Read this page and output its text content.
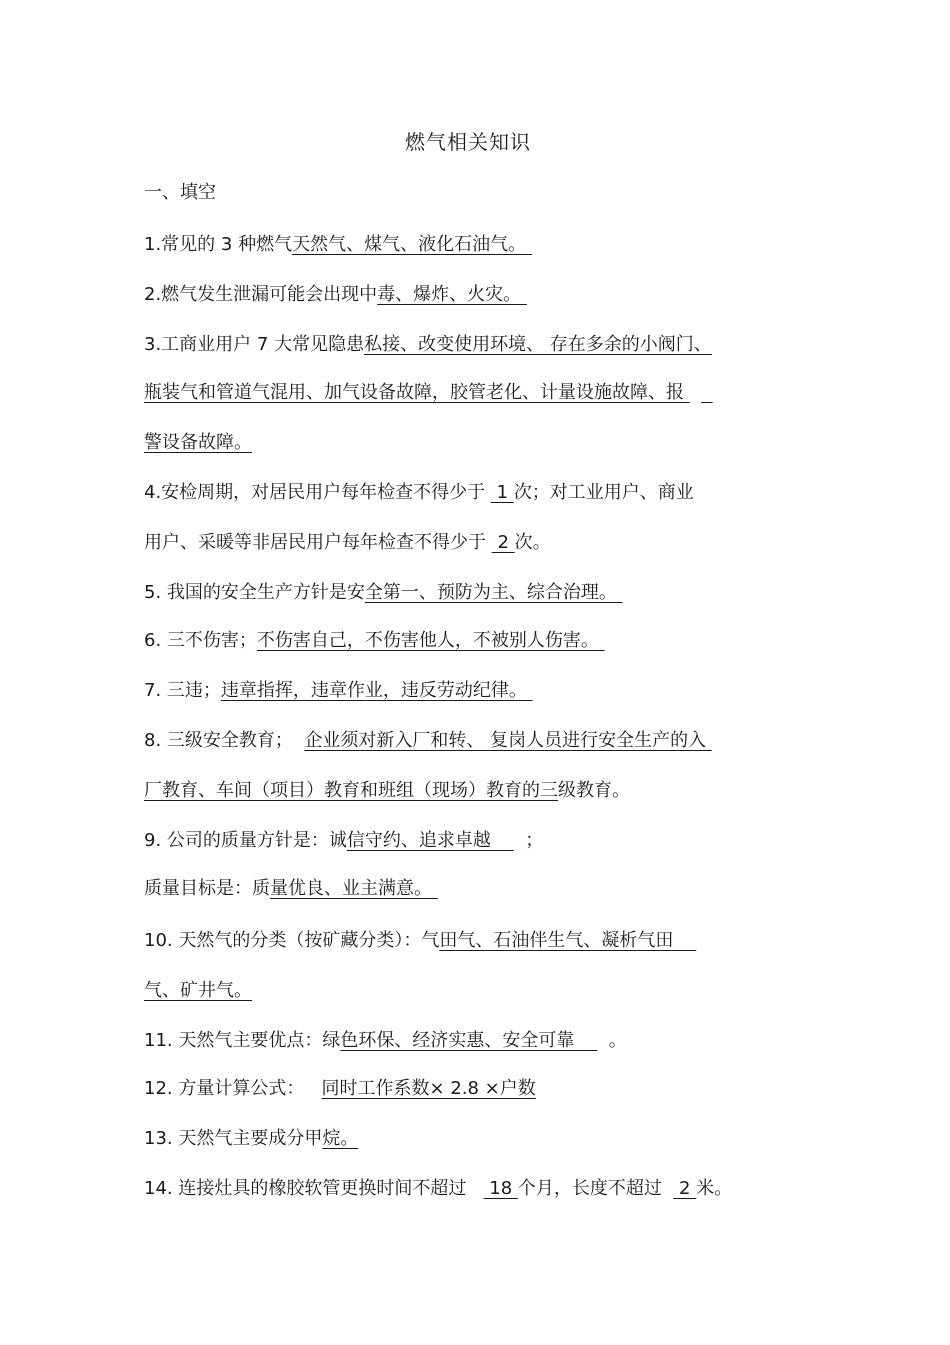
燃气相关知识
一、填空
1.常见的 3 种燃气天然气、煤气、液化石油气。
2.燃气发生泄漏可能会出现中毒、爆炸、火灾。
3.工商业用户 7 大常见隐患私接、改变使用环境、 存在多余的小阀门、
瓶装气和管道气混用、加气设备故障，胶管老化、计量设施故障、报
警设备故障。
4.安检周期，对居民用户每年检查不得少于  1 次；对工业用户、商业
用户、采暖等非居民用户每年检查不得少于  2 次。
5. 我国的安全生产方针是安全第一、预防为主、综合治理。
6. 三不伤害；不伤害自己，不伤害他人，不被别人伤害。
7. 三违；违章指挥，违章作业，违反劳动纪律。
8. 三级安全教育；  企业须对新入厂和转、 复岗人员进行安全生产的入
厂教育、车间（项目）教育和班组（现场）教育的三级教育。
9. 公司的质量方针是：诚信守约、追求卓越      ；
质量目标是：质量优良、业主满意。
10. 天然气的分类（按矿藏分类）：气田气、石油伴生气、凝析气田
气、矿井气。
11. 天然气主要优点：绿色环保、经济实惠、安全可靠      。
12. 方量计算公式：   同时工作系数× 2.8 ×户数
13. 天然气主要成分甲烷。
14. 连接灶具的橡胶软管更换时间不超过    18 个月，长度不超过   2 米。
